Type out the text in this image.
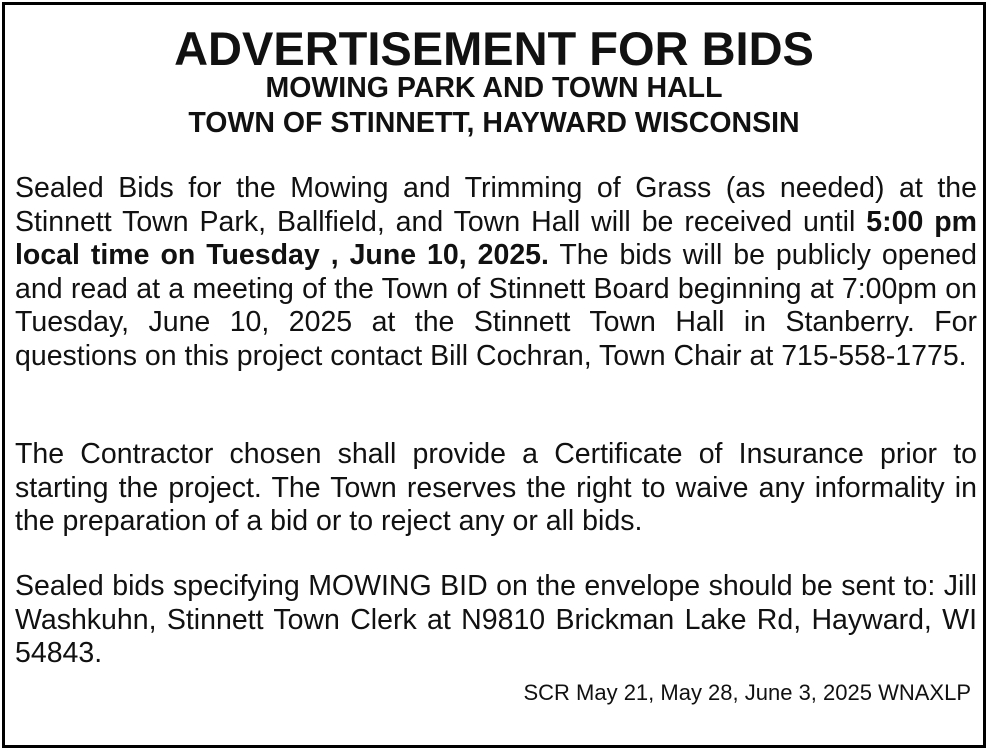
ADVERTISEMENT FOR BIDS
MOWING PARK AND TOWN HALL
TOWN OF STINNETT, HAYWARD WISCONSIN

Sealed Bids for the Mowing and Trimming of Grass (as needed) at the Stinnett Town Park, Ballfield, and Town Hall will be received until 5:00 pm local time on Tuesday , June 10, 2025. The bids will be publicly opened and read at a meeting of the Town of Stinnett Board beginning at 7:00pm on Tuesday, June 10, 2025 at the Stinnett Town Hall in Stanberry. For questions on this project contact Bill Cochran, Town Chair at 715-558-1775.

The Contractor chosen shall provide a Certificate of Insurance prior to starting the project. The Town reserves the right to waive any informality in the preparation of a bid or to reject any or all bids.

Sealed bids specifying MOWING BID on the envelope should be sent to: Jill Washkuhn, Stinnett Town Clerk at N9810 Brickman Lake Rd, Hayward, WI 54843.

SCR May 21, May 28, June 3, 2025 WNAXLP
